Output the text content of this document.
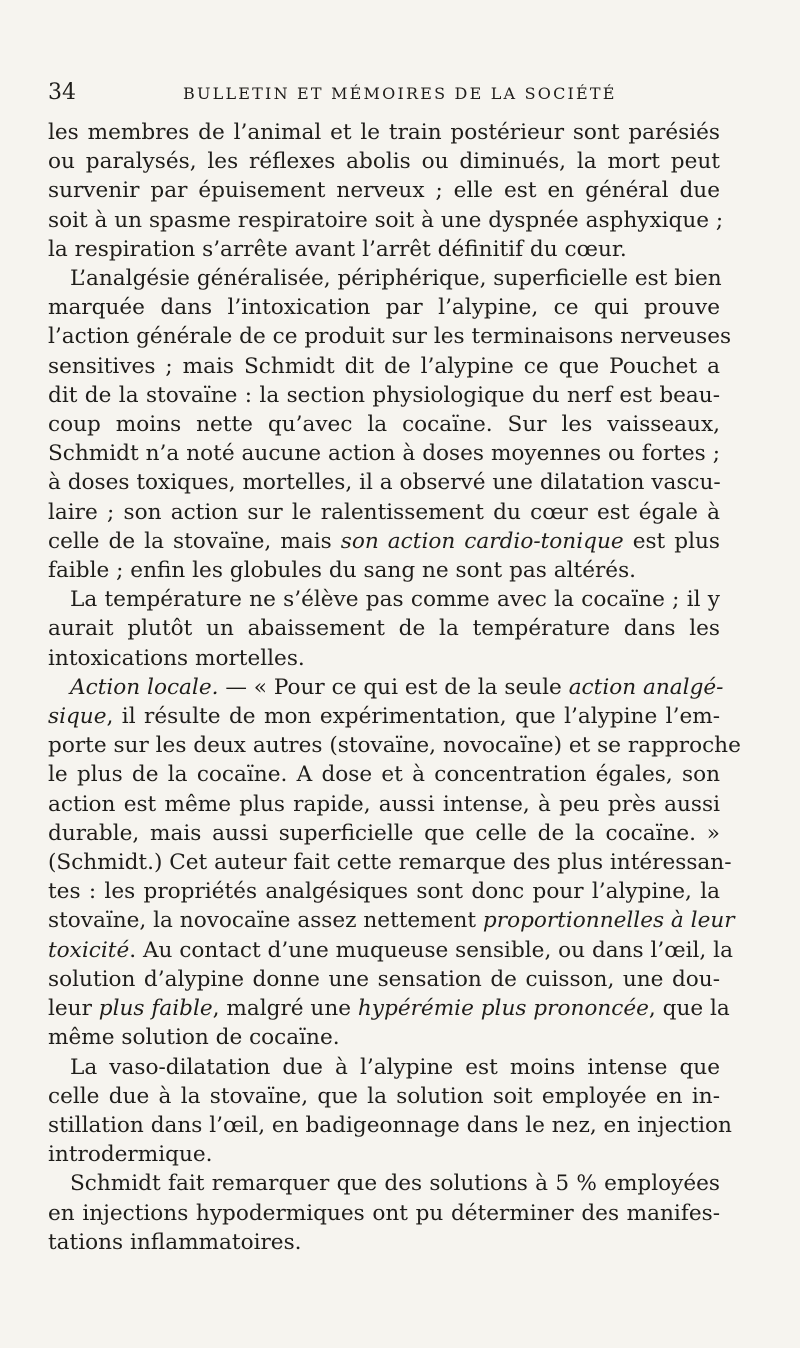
34	BULLETIN ET MÉMOIRES DE LA SOCIÉTÉ
les membres de l’animal et le train postérieur sont parésiés
ou paralysés, les réflexes abolis ou diminués, la mort peut
survenir par épuisement nerveux ; elle est en général due
soit à un spasme respiratoire soit à une dyspnée asphyxique ;
la respiration s’arrête avant l’arrêt définitif du cœur.
L’analgésie généralisée, périphérique, superficielle est bien
marquée dans l’intoxication par l’alypine, ce qui prouve
l’action générale de ce produit sur les terminaisons nerveuses
sensitives ; mais Schmidt dit de l’alypine ce que Pouchet a
dit de la stovaïne : la section physiologique du nerf est beau-
coup moins nette qu’avec la cocaïne. Sur les vaisseaux,
Schmidt n’a noté aucune action à doses moyennes ou fortes ;
à doses toxiques, mortelles, il a observé une dilatation vascu-
laire ; son action sur le ralentissement du cœur est égale à
celle de la stovaïne, mais son action cardio-tonique est plus
faible ; enfin les globules du sang ne sont pas altérés.
La température ne s’élève pas comme avec la cocaïne ; il y
aurait plutôt un abaissement de la température dans les
intoxications mortelles.
Action locale. — « Pour ce qui est de la seule action analgé-
sique, il résulte de mon expérimentation, que l’alypine l’em-
porte sur les deux autres (stovaïne, novocaïne) et se rapproche
le plus de la cocaïne. A dose et à concentration égales, son
action est même plus rapide, aussi intense, à peu près aussi
durable, mais aussi superficielle que celle de la cocaïne. »
(Schmidt.) Cet auteur fait cette remarque des plus intéressan-
tes : les propriétés analgésiques sont donc pour l’alypine, la
stovaïne, la novocaïne assez nettement proportionnelles à leur
toxicité. Au contact d’une muqueuse sensible, ou dans l’œil, la
solution d’alypine donne une sensation de cuisson, une dou-
leur plus faible, malgré une hypérémie plus prononcée, que la
même solution de cocaïne.
La vaso-dilatation due à l’alypine est moins intense que
celle due à la stovaïne, que la solution soit employée en in-
stillation dans l’œil, en badigeonnage dans le nez, en injection
introdermique.
Schmidt fait remarquer que des solutions à 5 % employées
en injections hypodermiques ont pu déterminer des manifes-
tations inflammatoires.
